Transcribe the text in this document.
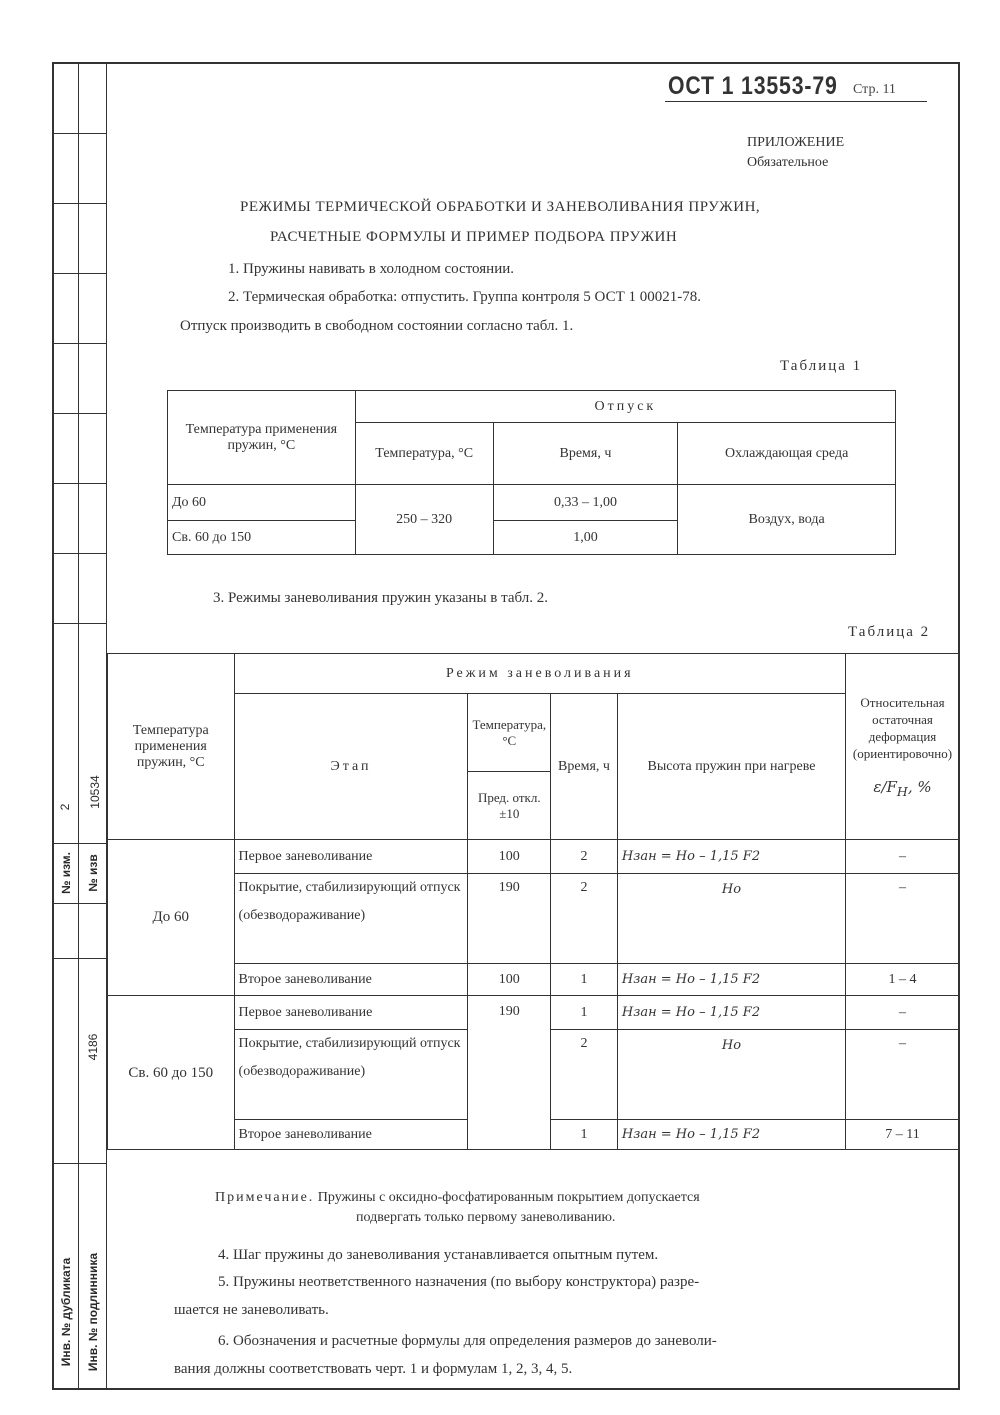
2 10534
№ изм. № изв
4186
Инв. № дубликата Инв. № подлинника
ОСТ 1 13553-79 Стр. 11
ПРИЛОЖЕНИЕ
Обязательное
РЕЖИМЫ ТЕРМИЧЕСКОЙ ОБРАБОТКИ И ЗАНЕВОЛИВАНИЯ ПРУЖИН,
РАСЧЕТНЫЕ ФОРМУЛЫ И ПРИМЕР ПОДБОРА ПРУЖИН
1. Пружины навивать в холодном состоянии.
2. Термическая обработка: отпустить. Группа контроля 5 ОСТ 1 00021-78.
Отпуск производить в свободном состоянии согласно табл. 1.
Таблица 1
Температура применения пружин, °С	Отпуск		
	Температура, °С	Время, ч	Охлаждающая среда
До 60	250 – 320	0,33 – 1,00	Воздух, вода
Св. 60 до 150		1,00	
3. Режимы заневоливания пружин указаны в табл. 2.
Таблица 2
Температура применения пружин, °С	Режим заневоливания				Относительная остаточная деформация (ориентировочно)

$\varepsilon/F_H$, %
	Этап	Температура, °С	Время, ч	Высота пружин при нагреве	
		Пред. откл. ±10			
До 60	Первое заневоливание	100	2	Hзан = Hо – 1,15 F2	–
	Покрытие, стабилизирующий отпуск (обезводораживание)	190	2	Hо	–
	Второе заневоливание	100	1	Hзан = Hо – 1,15 F2	1 – 4
Св. 60 до 150	Первое заневоливание	190	1	Hзан = Hо – 1,15 F2	–
	Покрытие, стабилизирующий отпуск (обезводораживание)		2	Hо	–
	Второе заневоливание		1	Hзан = Hо – 1,15 F2	7 – 11
Примечание. Пружины с оксидно-фосфатированным покрытием допускается
подвергать только первому заневоливанию.
4. Шаг пружины до заневоливания устанавливается опытным путем.
5. Пружины неответственного назначения (по выбору конструктора) разре-
шается не заневоливать.
6. Обозначения и расчетные формулы для определения размеров до заневоли-
вания должны соответствовать черт. 1 и формулам 1, 2, 3, 4, 5.
